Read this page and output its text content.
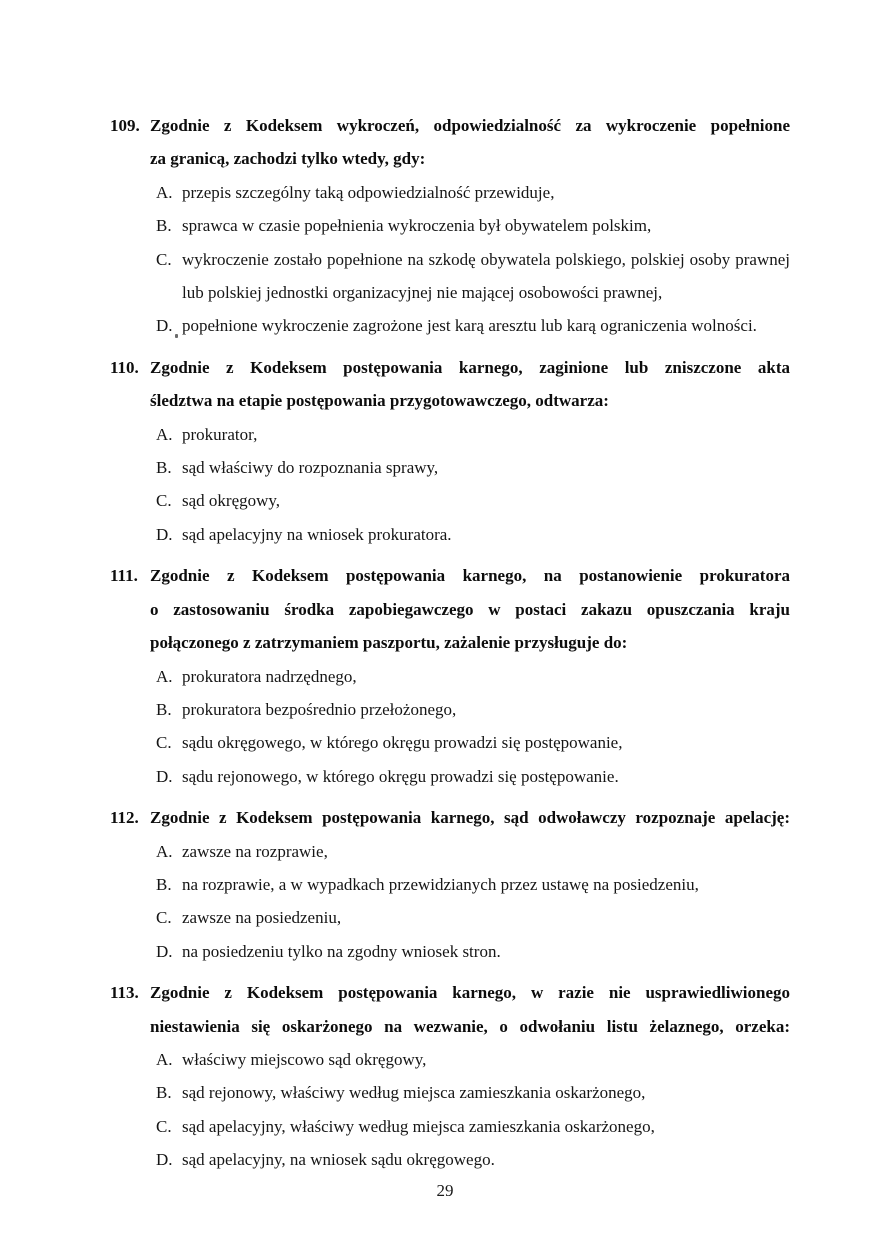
109. Zgodnie z Kodeksem wykroczeń, odpowiedzialność za wykroczenie popełnione
za granicą, zachodzi tylko wtedy, gdy:
A. przepis szczególny taką odpowiedzialność przewiduje,
B. sprawca w czasie popełnienia wykroczenia był obywatelem polskim,
C. wykroczenie zostało popełnione na szkodę obywatela polskiego, polskiej osoby prawnej lub polskiej jednostki organizacyjnej nie mającej osobowości prawnej,
D. popełnione wykroczenie zagrożone jest karą aresztu lub karą ograniczenia wolności.
110. Zgodnie z Kodeksem postępowania karnego, zaginione lub zniszczone akta
śledztwa na etapie postępowania przygotowawczego, odtwarza:
A. prokurator,
B. sąd właściwy do rozpoznania sprawy,
C. sąd okręgowy,
D. sąd apelacyjny na wniosek prokuratora.
111. Zgodnie z Kodeksem postępowania karnego, na postanowienie prokuratora
o zastosowaniu środka zapobiegawczego w postaci zakazu opuszczania kraju
połączonego z zatrzymaniem paszportu, zażalenie przysługuje do:
A. prokuratora nadrzędnego,
B. prokuratora bezpośrednio przełożonego,
C. sądu okręgowego, w którego okręgu prowadzi się postępowanie,
D. sądu rejonowego, w którego okręgu prowadzi się postępowanie.
112. Zgodnie z Kodeksem postępowania karnego, sąd odwoławczy rozpoznaje apelację:
A. zawsze na rozprawie,
B. na rozprawie, a w wypadkach przewidzianych przez ustawę na posiedzeniu,
C. zawsze na posiedzeniu,
D. na posiedzeniu tylko na zgodny wniosek stron.
113. Zgodnie z Kodeksem postępowania karnego, w razie nie usprawiedliwionego
niestawienia się oskarżonego na wezwanie, o odwołaniu listu żelaznego, orzeka:
A. właściwy miejscowo sąd okręgowy,
B. sąd rejonowy, właściwy według miejsca zamieszkania oskarżonego,
C. sąd apelacyjny, właściwy według miejsca zamieszkania oskarżonego,
D. sąd apelacyjny, na wniosek sądu okręgowego.
29
